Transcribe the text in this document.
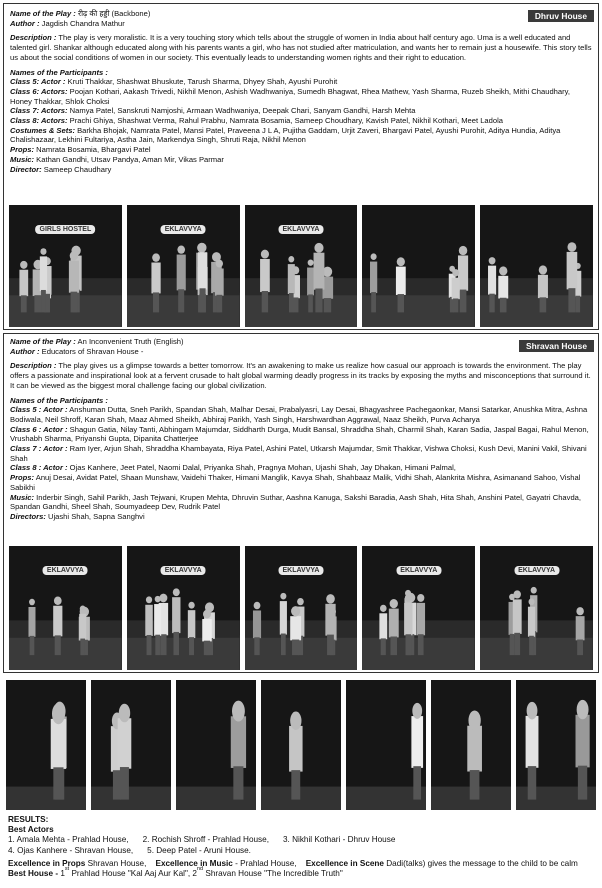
Dhruv House

Name of the Play : रीढ़ की हड्डी (Backbone)

Author : Jagdish Chandra Mathur

Description : The play is very moralistic. It is a very touching story which tells about the struggle of women in India about half century ago. Uma is a well educated and talented girl. Shankar although educated along with his parents wants a girl, who has not studied after matriculation, and wants her to remain just a housewife. This story tells us about the social conditions of women in our society. This eventually leads to understanding women rights and their right to education.

Names of the Participants :

Class 5: Actor : Kruti Thakkar, Shashwat Bhuskute, Tarush Sharma, Dhyey Shah, Ayushi Purohit

Class 6: Actors: Poojan Kothari, Aakash Trivedi, Nikhil Menon, Ashish Wadhwaniya, Sumedh Bhagwat, Rhea Mathew, Yash Sharma, Ruzeb Sheikh, Mithi Chaudhary, Honey Thakkar, Shlok Choksi

Class 7: Actors: Namya Patel, Sanskruti Namjoshi, Armaan Wadhwaniya, Deepak Chari, Sanyam Gandhi, Harsh Mehta

Class 8: Actors: Prachi Ghiya, Shashwat Verma, Rahul Prabhu, Namrata Bosamia, Sameep Choudhary, Kavish Patel, Nikhil Kothari, Meet Ladola

Costumes & Sets: Barkha Bhojak, Namrata Patel, Mansi Patel, Praveena J L A, Pujitha Gaddam, Urjit Zaveri, Bhargavi Patel, Ayushi Purohit, Aditya Hundia, Aditya Chalishazaar, Lekhini Fultariya, Astha Jain, Markendya Singh, Shruti Raja, Nikhil Menon

Props: Namrata Bosamia, Bhargavi Patel

Music: Kathan Gandhi, Utsav Pandya, Aman Mir, Vikas Parmar

Director: Sameep Chaudhary

GIRLS HOSTEL	EKLAVVYA	EKLAVVYA
Shravan House

Name of the Play : An Inconvenient Truth (English)

Author : Educators of Shravan House -

Description : The play gives us a glimpse towards a better tomorrow. It's an awakening to make us realize how casual our approach is towards the environment. The play offers a passionate and inspirational look at a fervent crusade to halt global warming deadly progress in its tracks by exposing the myths and misconceptions that surround it. It can be viewed as the biggest moral challenge facing our global civilization.

Names of the Participants :

Class 5 : Actor : Anshuman Dutta, Sneh Parikh, Spandan Shah, Malhar Desai, Prabalyasri, Lay Desai, Bhagyashree Pachegaonkar, Mansi Satarkar, Anushka Mitra, Ashna Bodiwala, Neil Shroff, Karan Shah, Maaz Ahmed Sheikh, Abhiraj Parikh, Yash Singh, Harshwardhan Aggrawal, Naaz Sheikh, Purva Acharya

Class 6 : Actor : Shagun Gatia, Nilay Tanti, Abhingam Majumdar, Siddharth Durga, Mudit Bansal, Shraddha Shah, Charmil Shah, Karan Sadia, Jaspal Bagai, Rahul Menon, Vrushabh Sharma, Priyanshi Gupta, Dipanita Chatterjee

Class 7 : Actor : Ram Iyer, Arjun Shah, Shraddha Khambayata, Riya Patel, Ashini Patel, Utkarsh Majumdar, Smit Thakkar, Vishwa Choksi, Kush Devi, Manini Vakil, Shivani Shah

Class 8 : Actor : Ojas Kanhere, Jeet Patel, Naomi Dalal, Priyanka Shah, Pragnya Mohan, Ujashi Shah, Jay Dhakan, Himani Palmal,

Props: Anuj Desai, Avidat Patel, Shaan Munshaw, Vaidehi Thaker, Himani Manglik, Kavya Shah, Shahbaaz Malik, Vidhi Shah, Alankrita Mishra, Asimanand Sahoo, Vishal Sabikhi

Music: Inderbir Singh, Sahil Parikh, Jash Tejwani, Krupen Mehta, Dhruvin Suthar, Aashna Kanuga, Sakshi Baradia, Aash Shah, Hita Shah, Anshini Patel, Gayatri Chavda, Spandan Gandhi, Sheel Shah, Soumyadeep Dev, Rudrik Patel

Directors: Ujashi Shah, Sapna Sanghvi

EKLAVVYA	EKLAVVYA	EKLAVVYA	EKLAVVYA	EKLAVVYA

RESULTS:

Best Actors

1. Amala Mehta - Prahlad House, 2. Rochish Shroff - Prahlad House, 3. Nikhil Kothari - Dhruv House
4. Ojas Kanhere - Shravan House, 5. Deep Patel - Aruni House.

Excellence in Props Shravan House, Excellence in Music - Prahlad House, Excellence in Scene Dadi(talks) gives the message to the child to be calm

Best House - 1st Prahlad House "Kal Aaj Aur Kal", 2nd Shravan House "The Incredible Truth"
